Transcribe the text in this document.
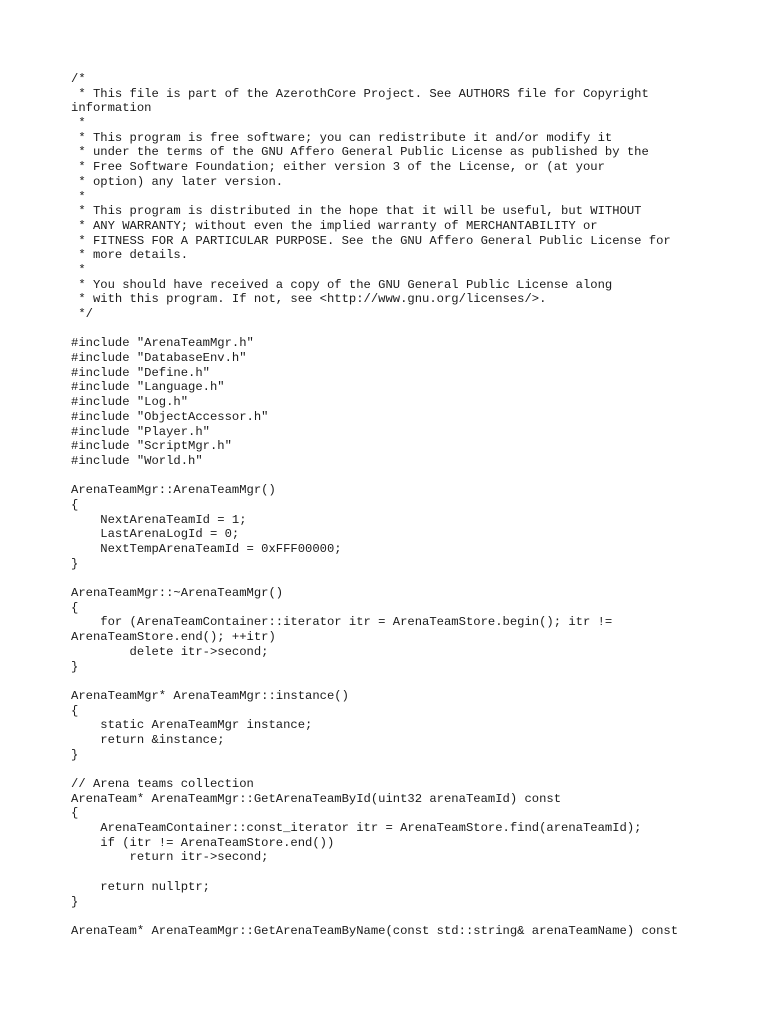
/*
* This file is part of the AzerothCore Project. See AUTHORS file for Copyright
information
*
* This program is free software; you can redistribute it and/or modify it
* under the terms of the GNU Affero General Public License as published by the
* Free Software Foundation; either version 3 of the License, or (at your
* option) any later version.
*
* This program is distributed in the hope that it will be useful, but WITHOUT
* ANY WARRANTY; without even the implied warranty of MERCHANTABILITY or
* FITNESS FOR A PARTICULAR PURPOSE. See the GNU Affero General Public License for
* more details.
*
* You should have received a copy of the GNU General Public License along
* with this program. If not, see <http://www.gnu.org/licenses/>.
*/
#include "ArenaTeamMgr.h"
#include "DatabaseEnv.h"
#include "Define.h"
#include "Language.h"
#include "Log.h"
#include "ObjectAccessor.h"
#include "Player.h"
#include "ScriptMgr.h"
#include "World.h"
ArenaTeamMgr::ArenaTeamMgr()
{
NextArenaTeamId = 1;
LastArenaLogId = 0;
NextTempArenaTeamId = 0xFFF00000;
}
ArenaTeamMgr::~ArenaTeamMgr()
{
for (ArenaTeamContainer::iterator itr = ArenaTeamStore.begin(); itr !=
ArenaTeamStore.end(); ++itr)
delete itr->second;
}
ArenaTeamMgr* ArenaTeamMgr::instance()
{
static ArenaTeamMgr instance;
return &instance;
}
// Arena teams collection
ArenaTeam* ArenaTeamMgr::GetArenaTeamById(uint32 arenaTeamId) const
{
ArenaTeamContainer::const_iterator itr = ArenaTeamStore.find(arenaTeamId);
if (itr != ArenaTeamStore.end())
return itr->second;
return nullptr;
}
ArenaTeam* ArenaTeamMgr::GetArenaTeamByName(const std::string& arenaTeamName) const
